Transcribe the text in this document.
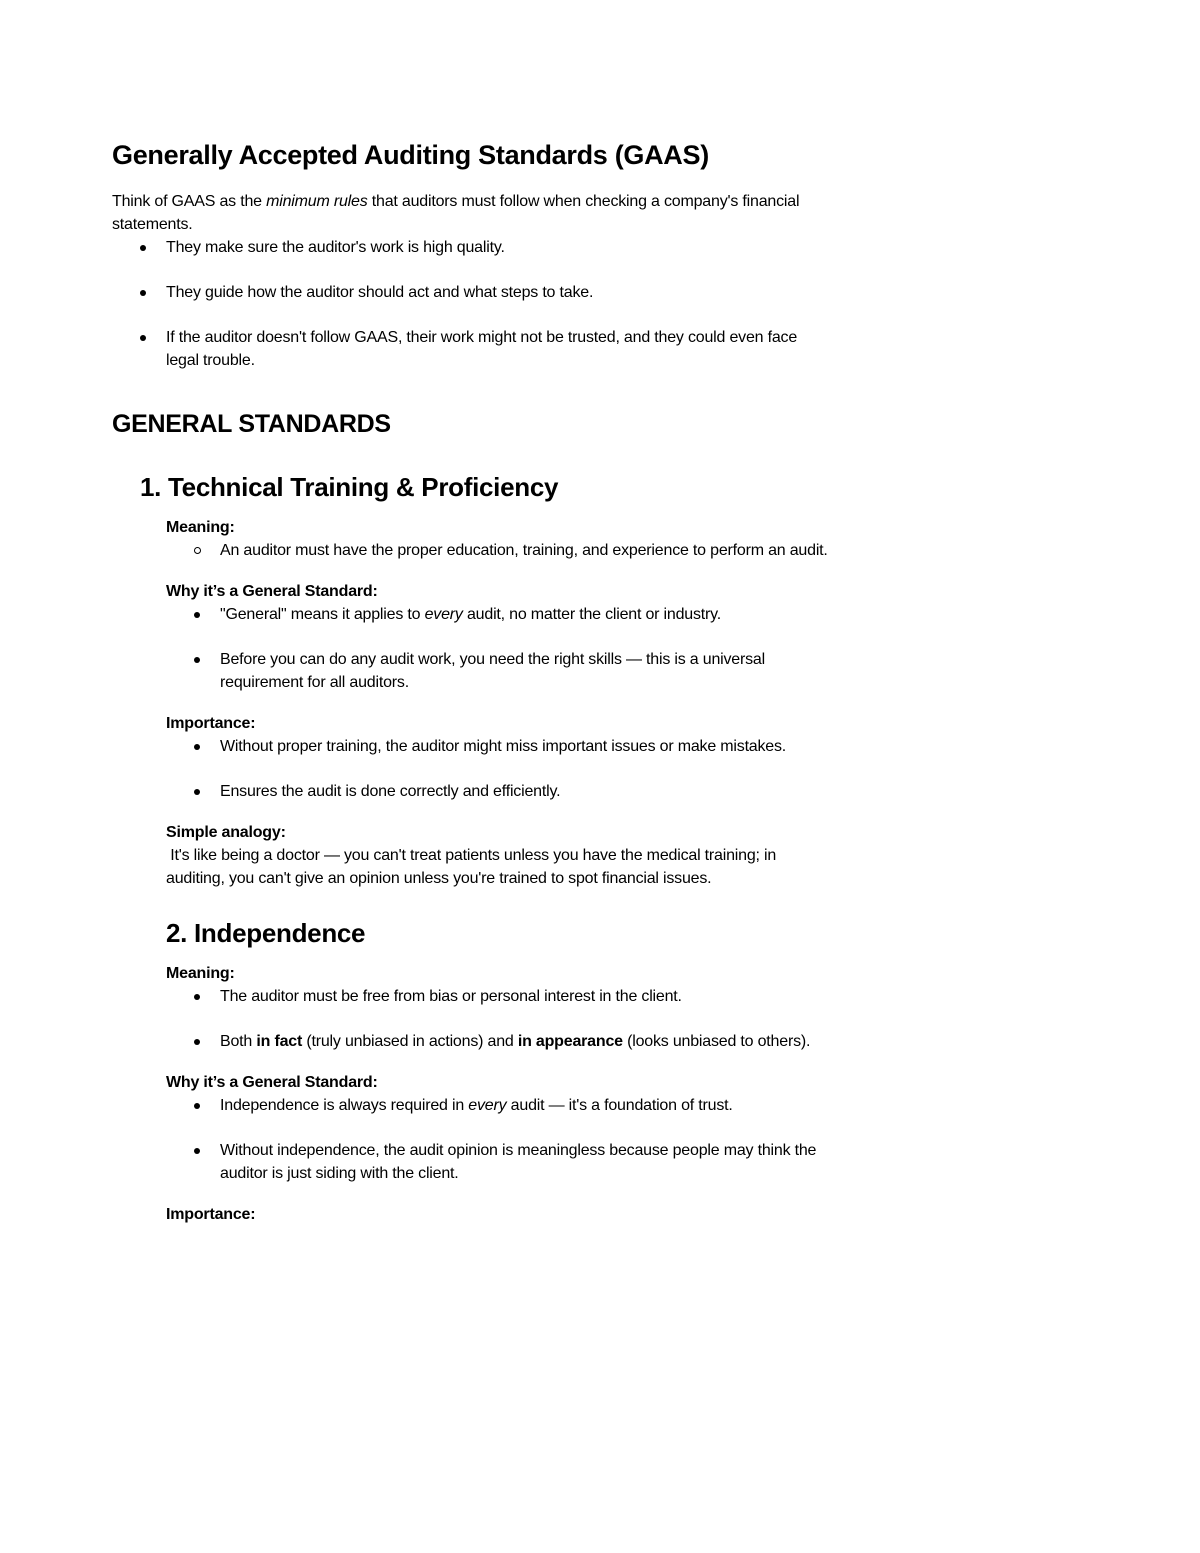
Generally Accepted Auditing Standards (GAAS)

Think of GAAS as the minimum rules that auditors must follow when checking a company's financial statements.

They make sure the auditor's work is high quality.
They guide how the auditor should act and what steps to take.
If the auditor doesn't follow GAAS, their work might not be trusted, and they could even face legal trouble.
GENERAL STANDARDS
1. Technical Training & Proficiency

Meaning:

An auditor must have the proper education, training, and experience to perform an audit.

Why it’s a General Standard:

"General" means it applies to every audit, no matter the client or industry.
Before you can do any audit work, you need the right skills — this is a universal requirement for all auditors.

Importance:

Without proper training, the auditor might miss important issues or make mistakes.
Ensures the audit is done correctly and efficiently.

Simple analogy:

It's like being a doctor — you can't treat patients unless you have the medical training; in auditing, you can't give an opinion unless you're trained to spot financial issues.

2. Independence

Meaning:

The auditor must be free from bias or personal interest in the client.
Both in fact (truly unbiased in actions) and in appearance (looks unbiased to others).

Why it’s a General Standard:

Independence is always required in every audit — it's a foundation of trust.
Without independence, the audit opinion is meaningless because people may think the auditor is just siding with the client.

Importance:
